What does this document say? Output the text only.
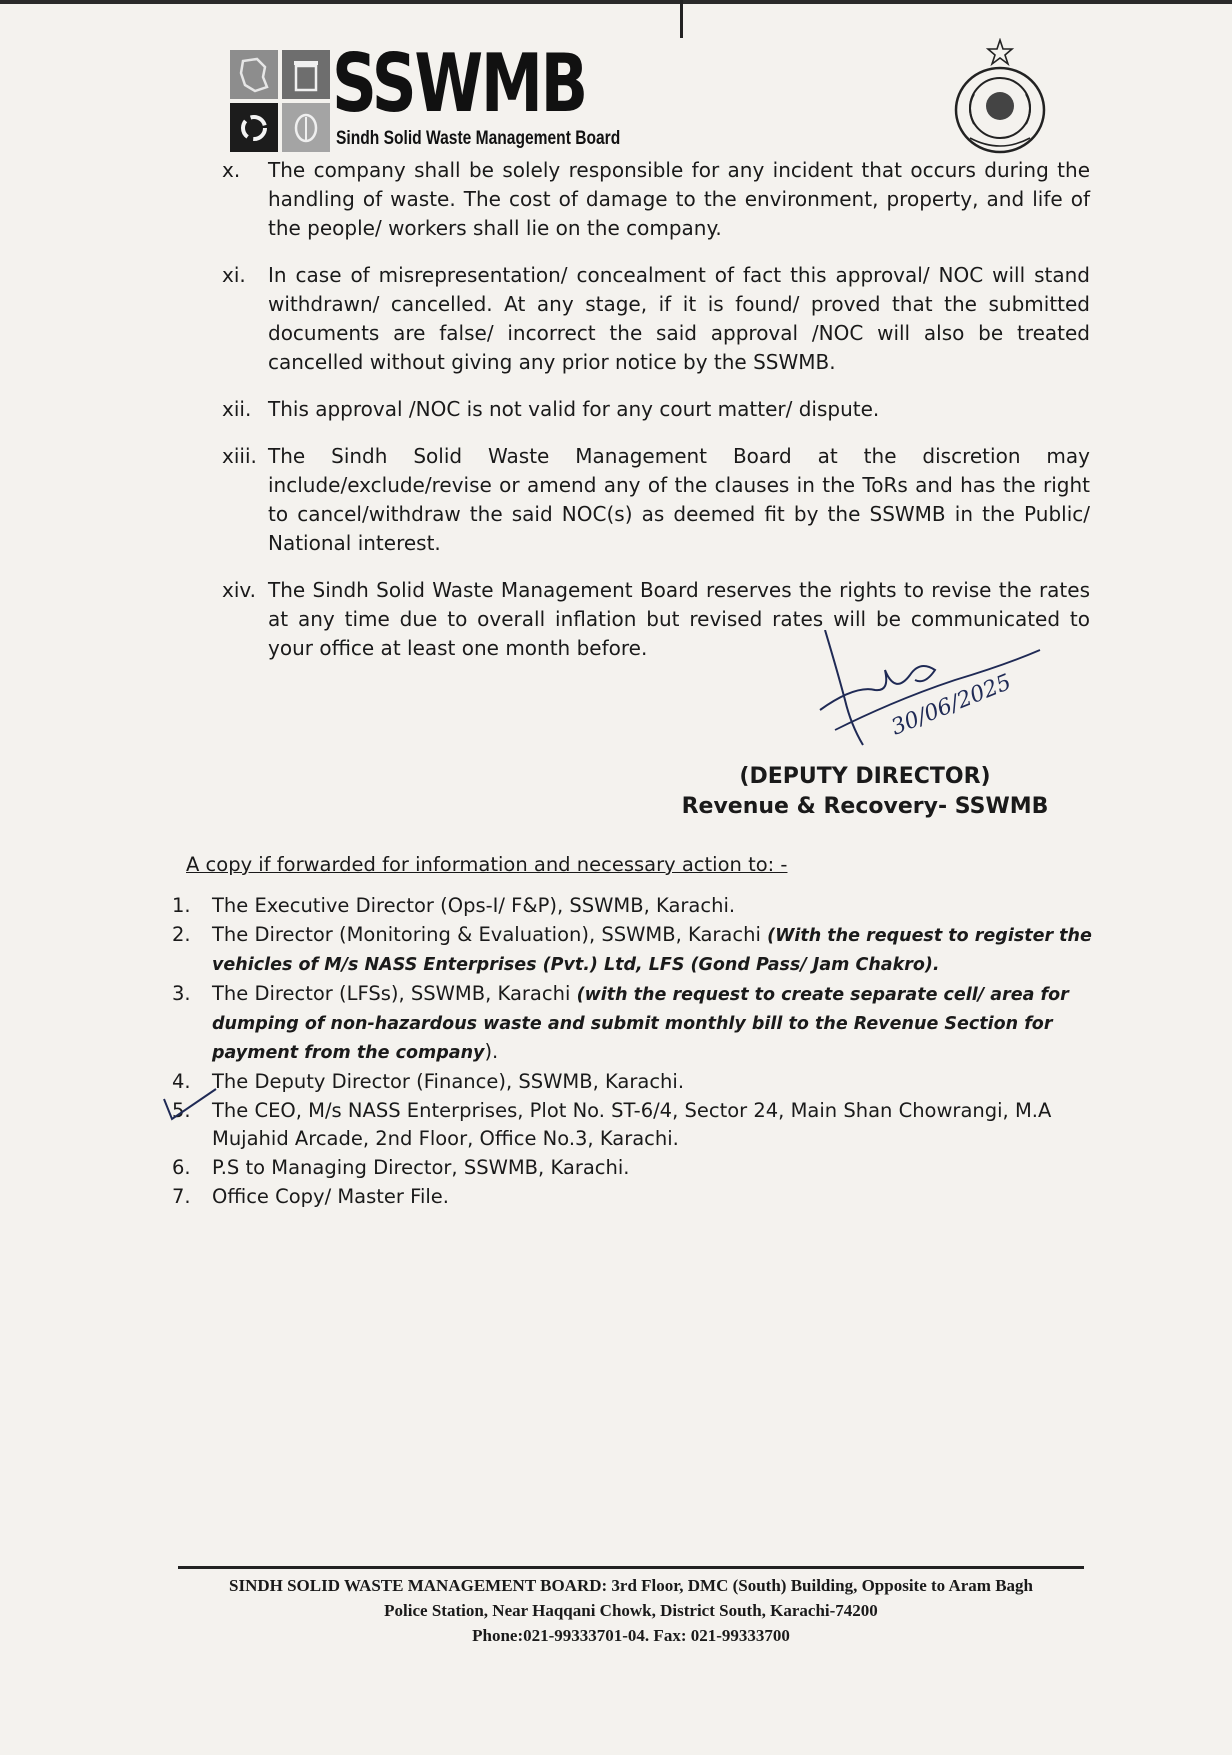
SSWMB
Sindh Solid Waste Management Board
x.	The company shall be solely responsible for any incident that occurs during the handling of waste. The cost of damage to the environment, property, and life of the people/ workers shall lie on the company.
xi.	In case of misrepresentation/ concealment of fact this approval/ NOC will stand withdrawn/ cancelled. At any stage, if it is found/ proved that the submitted documents are false/ incorrect the said approval /NOC will also be treated cancelled without giving any prior notice by the SSWMB.
xii. This approval /NOC is not valid for any court matter/ dispute.
xiii. The Sindh Solid Waste Management Board at the discretion may include/exclude/revise or amend any of the clauses in the ToRs and has the right to cancel/withdraw the said NOC(s) as deemed fit by the SSWMB in the Public/ National interest.
xiv. The Sindh Solid Waste Management Board reserves the rights to revise the rates at any time due to overall inflation but revised rates will be communicated to your office at least one month before.
30/06/2025
(DEPUTY DIRECTOR)
Revenue & Recovery- SSWMB
A copy if forwarded for information and necessary action to: -
1.	The Executive Director (Ops-I/ F&P), SSWMB, Karachi.
2.	The Director (Monitoring & Evaluation), SSWMB, Karachi (With the request to register the vehicles of M/s NASS Enterprises (Pvt.) Ltd, LFS (Gond Pass/ Jam Chakro).
3.	The Director (LFSs), SSWMB, Karachi (with the request to create separate cell/ area for dumping of non-hazardous waste and submit monthly bill to the Revenue Section for payment from the company).
4.	The Deputy Director (Finance), SSWMB, Karachi.
5.	The CEO, M/s NASS Enterprises, Plot No. ST-6/4, Sector 24, Main Shan Chowrangi, M.A Mujahid Arcade, 2nd Floor, Office No.3, Karachi.
6.	P.S to Managing Director, SSWMB, Karachi.
7.	Office Copy/ Master File.
SINDH SOLID WASTE MANAGEMENT BOARD: 3rd Floor, DMC (South) Building, Opposite to Aram Bagh
Police Station, Near Haqqani Chowk, District South, Karachi-74200
Phone:021-99333701-04. Fax: 021-99333700
